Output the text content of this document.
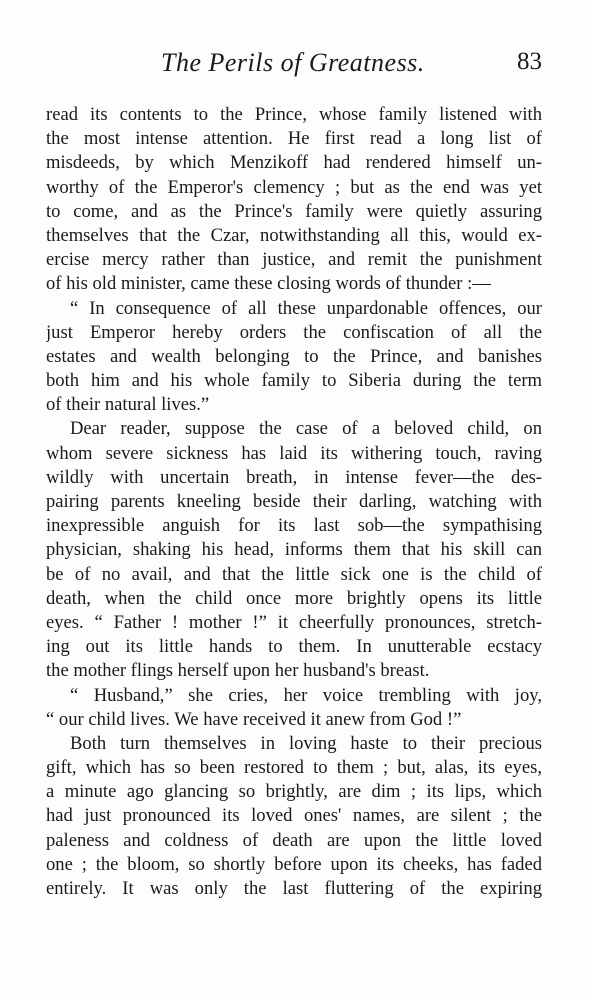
The Perils of Greatness.	83
read its contents to the Prince, whose family listened with
the most intense attention. He first read a long list of
misdeeds, by which Menzikoff had rendered himself un-
worthy of the Emperor's clemency ; but as the end was yet
to come, and as the Prince's family were quietly assuring
themselves that the Czar, notwithstanding all this, would ex-
ercise mercy rather than justice, and remit the punishment
of his old minister, came these closing words of thunder :—
“ In consequence of all these unpardonable offences, our
just Emperor hereby orders the confiscation of all the
estates and wealth belonging to the Prince, and banishes
both him and his whole family to Siberia during the term
of their natural lives.”
Dear reader, suppose the case of a beloved child, on
whom severe sickness has laid its withering touch, raving
wildly with uncertain breath, in intense fever—the des-
pairing parents kneeling beside their darling, watching with
inexpressible anguish for its last sob—the sympathising
physician, shaking his head, informs them that his skill can
be of no avail, and that the little sick one is the child of
death, when the child once more brightly opens its little
eyes. “ Father ! mother !” it cheerfully pronounces, stretch-
ing out its little hands to them. In unutterable ecstacy
the mother flings herself upon her husband's breast.
“ Husband,” she cries, her voice trembling with joy,
“ our child lives. We have received it anew from God !”
Both turn themselves in loving haste to their precious
gift, which has so been restored to them ; but, alas, its eyes,
a minute ago glancing so brightly, are dim ; its lips, which
had just pronounced its loved ones' names, are silent ; the
paleness and coldness of death are upon the little loved
one ; the bloom, so shortly before upon its cheeks, has faded
entirely. It was only the last fluttering of the expiring
